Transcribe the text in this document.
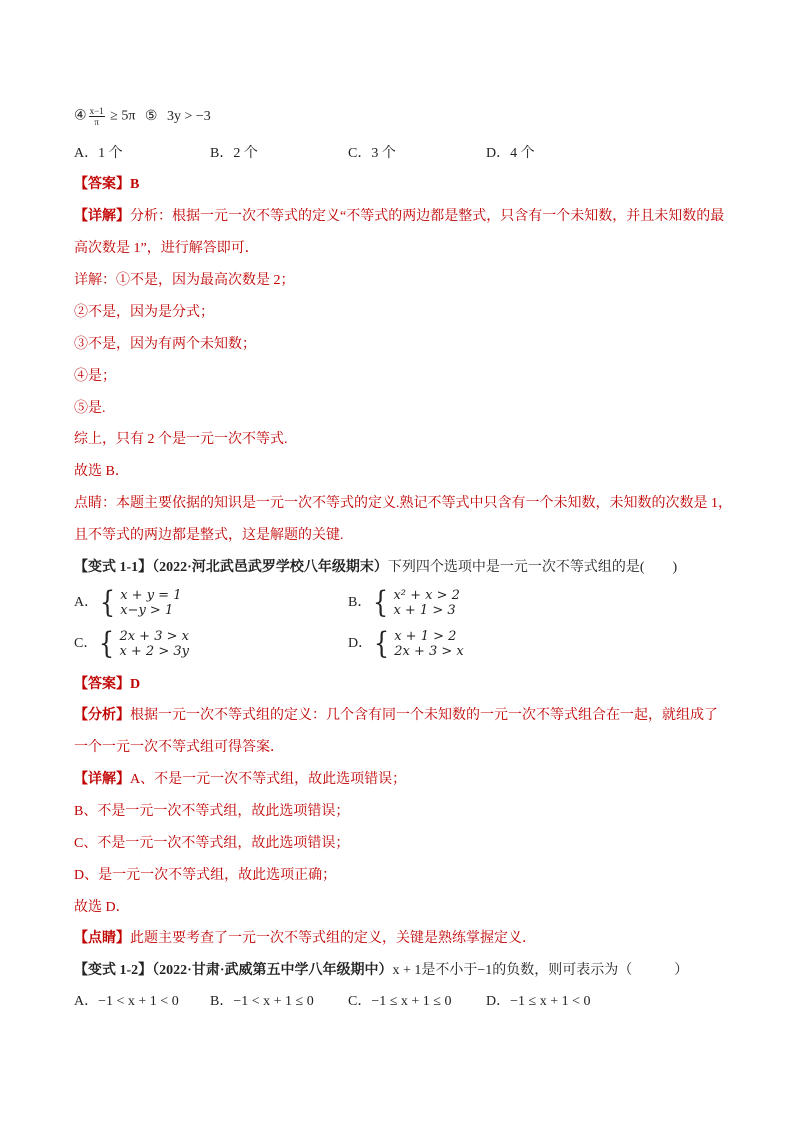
④ $\frac{x-1}{\pi} \ge 5\pi$ ⑤ 3y > −3
A．1 个	B．2 个	C．3 个	D．4 个
【答案】B
【详解】分析：根据一元一次不等式的定义“不等式的两边都是整式，只含有一个未知数，并且未知数的最
高次数是 1”，进行解答即可．
详解：①不是，因为最高次数是 2；
②不是，因为是分式；
③不是，因为有两个未知数；
④是；
⑤是.
综上，只有 2 个是一元一次不等式.
故选 B．
点睛：本题主要依据的知识是一元一次不等式的定义.熟记不等式中只含有一个未知数，未知数的次数是 1，
且不等式的两边都是整式，这是解题的关键.
【变式 1-1】（2022·河北武邑武罗学校八年级期末）下列四个选项中是一元一次不等式组的是(　　)
A． { x + y = 1
x−y > 1
B． { x² + x > 2
x + 1 > 3
C． { 2x + 3 > x
x + 2 > 3y
D． { x + 1 > 2
2x + 3 > x
【答案】D
【分析】根据一元一次不等式组的定义：几个含有同一个未知数的一元一次不等式组合在一起，就组成了
一个一元一次不等式组可得答案．
【详解】A、不是一元一次不等式组，故此选项错误；
B、不是一元一次不等式组，故此选项错误；
C、不是一元一次不等式组，故此选项错误；
D、是一元一次不等式组，故此选项正确；
故选 D．
【点睛】此题主要考查了一元一次不等式组的定义，关键是熟练掌握定义．
【变式 1-2】（2022·甘肃·武威第五中学八年级期中）x + 1是不小于−1的负数，则可表示为（　　　）
A．−1 < x + 1 < 0 B．−1 < x + 1 ≤ 0 C．−1 ≤ x + 1 ≤ 0 D．−1 ≤ x + 1 < 0
